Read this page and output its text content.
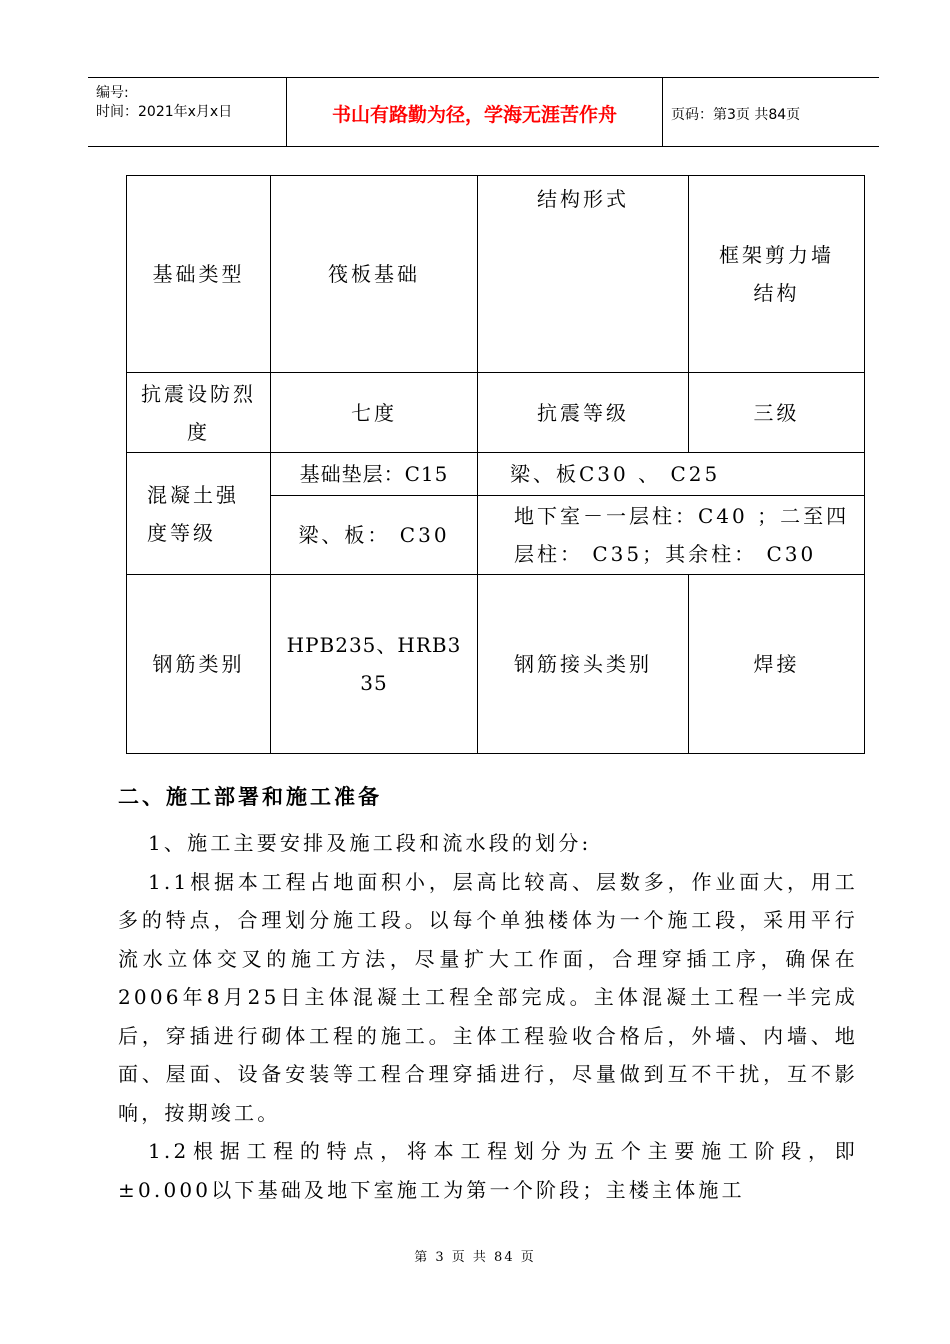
编号:
时间：2021年x月x日	书山有路勤为径，学海无涯苦作舟	页码：第3页 共84页
基础类型	筏板基础	结构形式	框架剪力墙结构
抗震设防烈度	七度	抗震等级	三级
混凝土强度等级	基础垫层：C15	梁、板C30 、 C25	
	梁、板： C30	地下室－一层柱：C40 ；二至四层柱： C35；其余柱： C30	
钢筋类别	HPB235、HRB335	钢筋接头类别	焊接
二、施工部署和施工准备

1、施工主要安排及施工段和流水段的划分:

1.1根据本工程占地面积小，层高比较高、层数多，作业面大，用工多的特点，合理划分施工段。以每个单独楼体为一个施工段，采用平行流水立体交叉的施工方法，尽量扩大工作面，合理穿插工序，确保在2006年8月25日主体混凝土工程全部完成。主体混凝土工程一半完成后，穿插进行砌体工程的施工。主体工程验收合格后，外墙、内墙、地面、屋面、设备安装等工程合理穿插进行，尽量做到互不干扰，互不影响，按期竣工。

1.2根据工程的特点，将本工程划分为五个主要施工阶段，即±0.000以下基础及地下室施工为第一个阶段；主楼主体施工

第 3 页 共 84 页
